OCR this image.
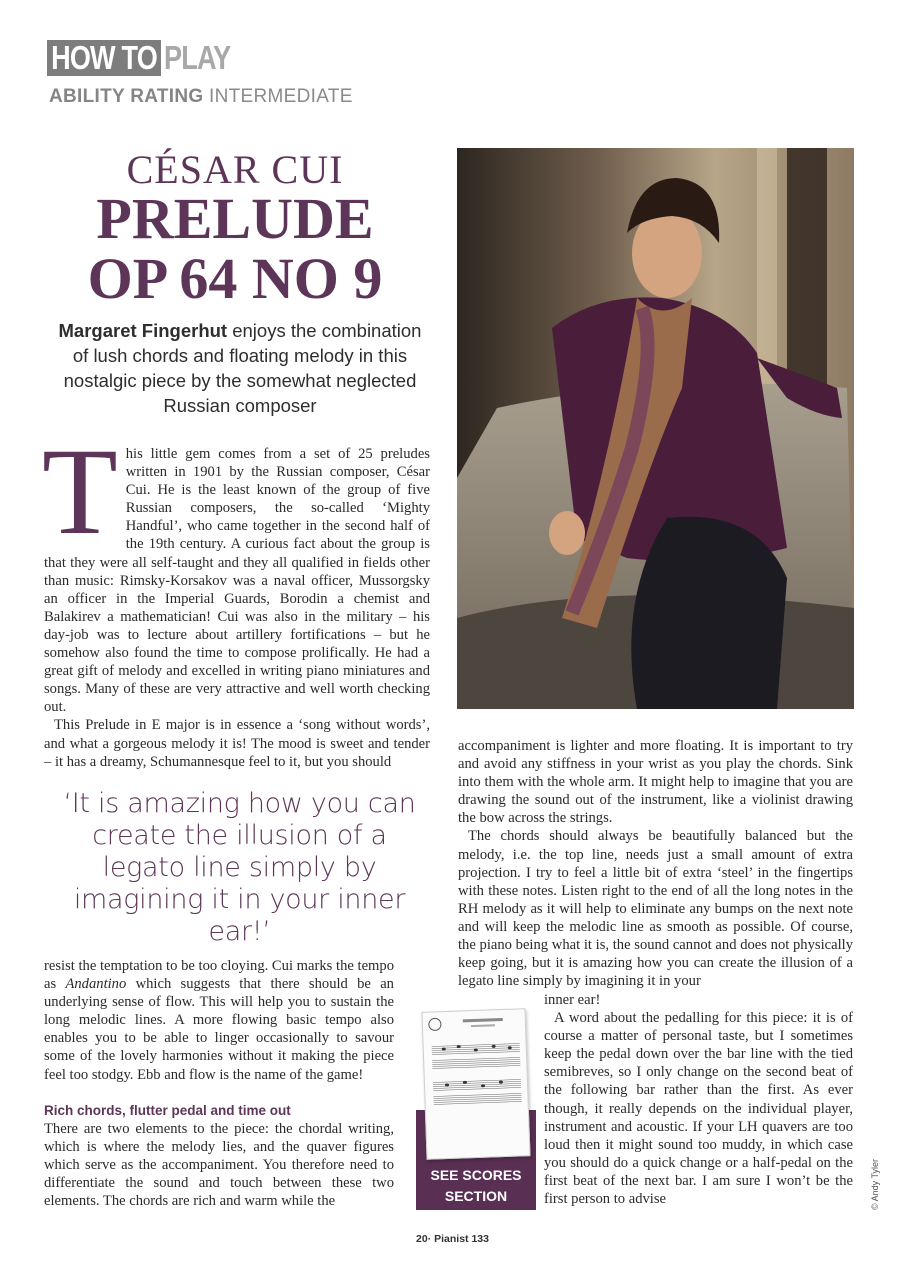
HOW TO PLAY
ABILITY RATING INTERMEDIATE
CÉSAR CUI
PRELUDE
OP 64 NO 9
Margaret Fingerhut enjoys the combination of lush chords and floating melody in this nostalgic piece by the somewhat neglected Russian composer

T his little gem comes from a set of 25 preludes written in 1901 by the Russian composer, César Cui. He is the least known of the group of five Russian composers, the so-called ‘Mighty Handful’, who came together in the second half of the 19th century. A curious fact about the group is that they were all self-taught and they all qualified in fields other than music: Rimsky-Korsakov was a naval officer, Mussorgsky an officer in the Imperial Guards, Borodin a chemist and Balakirev a mathematician! Cui was also in the military – his day-job was to lecture about artillery fortifications – but he somehow also found the time to compose prolifically. He had a great gift of melody and excelled in writing piano miniatures and songs. Many of these are very attractive and well worth checking out.

This Prelude in E major is in essence a ‘song without words’, and what a gorgeous melody it is! The mood is sweet and tender – it has a dreamy, Schumannesque feel to it, but you should

‘It is amazing how you can create the illusion of a legato line simply by imagining it in your inner ear!’

resist the temptation to be too cloying. Cui marks the tempo as Andantino which suggests that there should be an underlying sense of flow. This will help you to sustain the long melodic lines. A more flowing basic tempo also enables you to be able to linger occasionally to savour some of the lovely harmonies without it making the piece feel too stodgy. Ebb and flow is the name of the game!

Rich chords, flutter pedal and time out

There are two elements to the piece: the chordal writing, which is where the melody lies, and the quaver figures which serve as the accompaniment. You therefore need to differentiate the sound and touch between these two elements. The chords are rich and warm while the

accompaniment is lighter and more floating. It is important to try and avoid any stiffness in your wrist as you play the chords. Sink into them with the whole arm. It might help to imagine that you are drawing the sound out of the instrument, like a violinist drawing the bow across the strings.

The chords should always be beautifully balanced but the melody, i.e. the top line, needs just a small amount of extra projection. I try to feel a little bit of extra ‘steel’ in the fingertips with these notes. Listen right to the end of all the long notes in the RH melody as it will help to eliminate any bumps on the next note and will keep the melodic line as smooth as possible. Of course, the piano being what it is, the sound cannot and does not physically keep going, but it is amazing how you can create the illusion of a legato line simply by imagining it in your

inner ear!

A word about the pedalling for this piece: it is of course a matter of personal taste, but I sometimes keep the pedal down over the bar line with the tied semibreves, so I only change on the second beat of the following bar rather than the first. As ever though, it really depends on the individual player, instrument and acoustic. If your LH quavers are too loud then it might sound too muddy, in which case you should do a quick change or a half-pedal on the first beat of the next bar. I am sure I won’t be the first person to advise

SEE SCORES
SECTION	© Andy Tyler
20· Pianist 133
